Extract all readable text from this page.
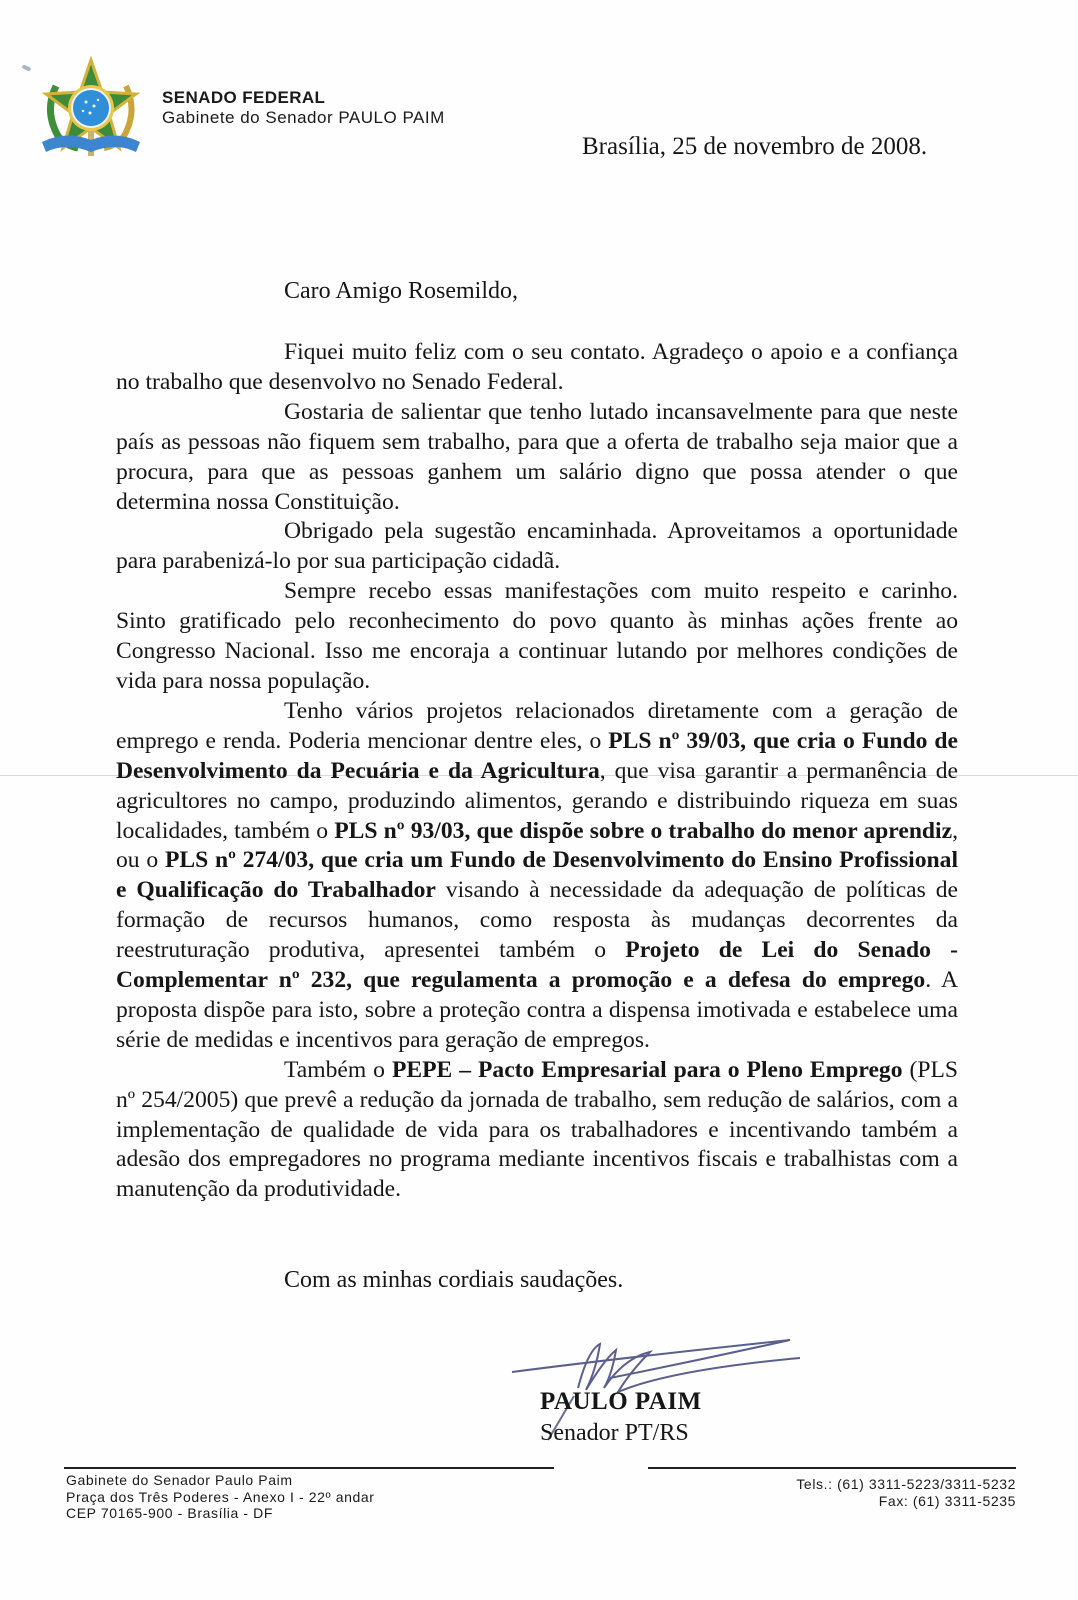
SENADO FEDERAL
Gabinete do Senador PAULO PAIM
Brasília, 25 de novembro de 2008.
Caro Amigo Rosemildo,

Fiquei muito feliz com o seu contato. Agradeço o apoio e a confiança no trabalho que desenvolvo no Senado Federal.

Gostaria de salientar que tenho lutado incansavelmente para que neste país as pessoas não fiquem sem trabalho, para que a oferta de trabalho seja maior que a procura, para que as pessoas ganhem um salário digno que possa atender o que determina nossa Constituição.

Obrigado pela sugestão encaminhada. Aproveitamos a oportunidade para parabenizá-lo por sua participação cidadã.

Sempre recebo essas manifestações com muito respeito e carinho. Sinto gratificado pelo reconhecimento do povo quanto às minhas ações frente ao Congresso Nacional. Isso me encoraja a continuar lutando por melhores condições de vida para nossa população.

Tenho vários projetos relacionados diretamente com a geração de emprego e renda. Poderia mencionar dentre eles, o PLS nº 39/03, que cria o Fundo de Desenvolvimento da Pecuária e da Agricultura, que visa garantir a permanência de agricultores no campo, produzindo alimentos, gerando e distribuindo riqueza em suas localidades, também o PLS nº 93/03, que dispõe sobre o trabalho do menor aprendiz, ou o PLS nº 274/03, que cria um Fundo de Desenvolvimento do Ensino Profissional e Qualificação do Trabalhador visando à necessidade da adequação de políticas de formação de recursos humanos, como resposta às mudanças decorrentes da reestruturação produtiva, apresentei também o Projeto de Lei do Senado - Complementar nº 232, que regulamenta a promoção e a defesa do emprego. A proposta dispõe para isto, sobre a proteção contra a dispensa imotivada e estabelece uma série de medidas e incentivos para geração de empregos.

Também o PEPE – Pacto Empresarial para o Pleno Emprego (PLS nº 254/2005) que prevê a redução da jornada de trabalho, sem redução de salários, com a implementação de qualidade de vida para os trabalhadores e incentivando também a adesão dos empregadores no programa mediante incentivos fiscais e trabalhistas com a manutenção da produtividade.

Com as minhas cordiais saudações.
PAULO PAIM
Senador PT/RS
Gabinete do Senador Paulo Paim
Praça dos Três Poderes - Anexo I - 22º andar
CEP 70165-900 - Brasília - DF
Tels.: (61) 3311-5223/3311-5232
Fax: (61) 3311-5235
